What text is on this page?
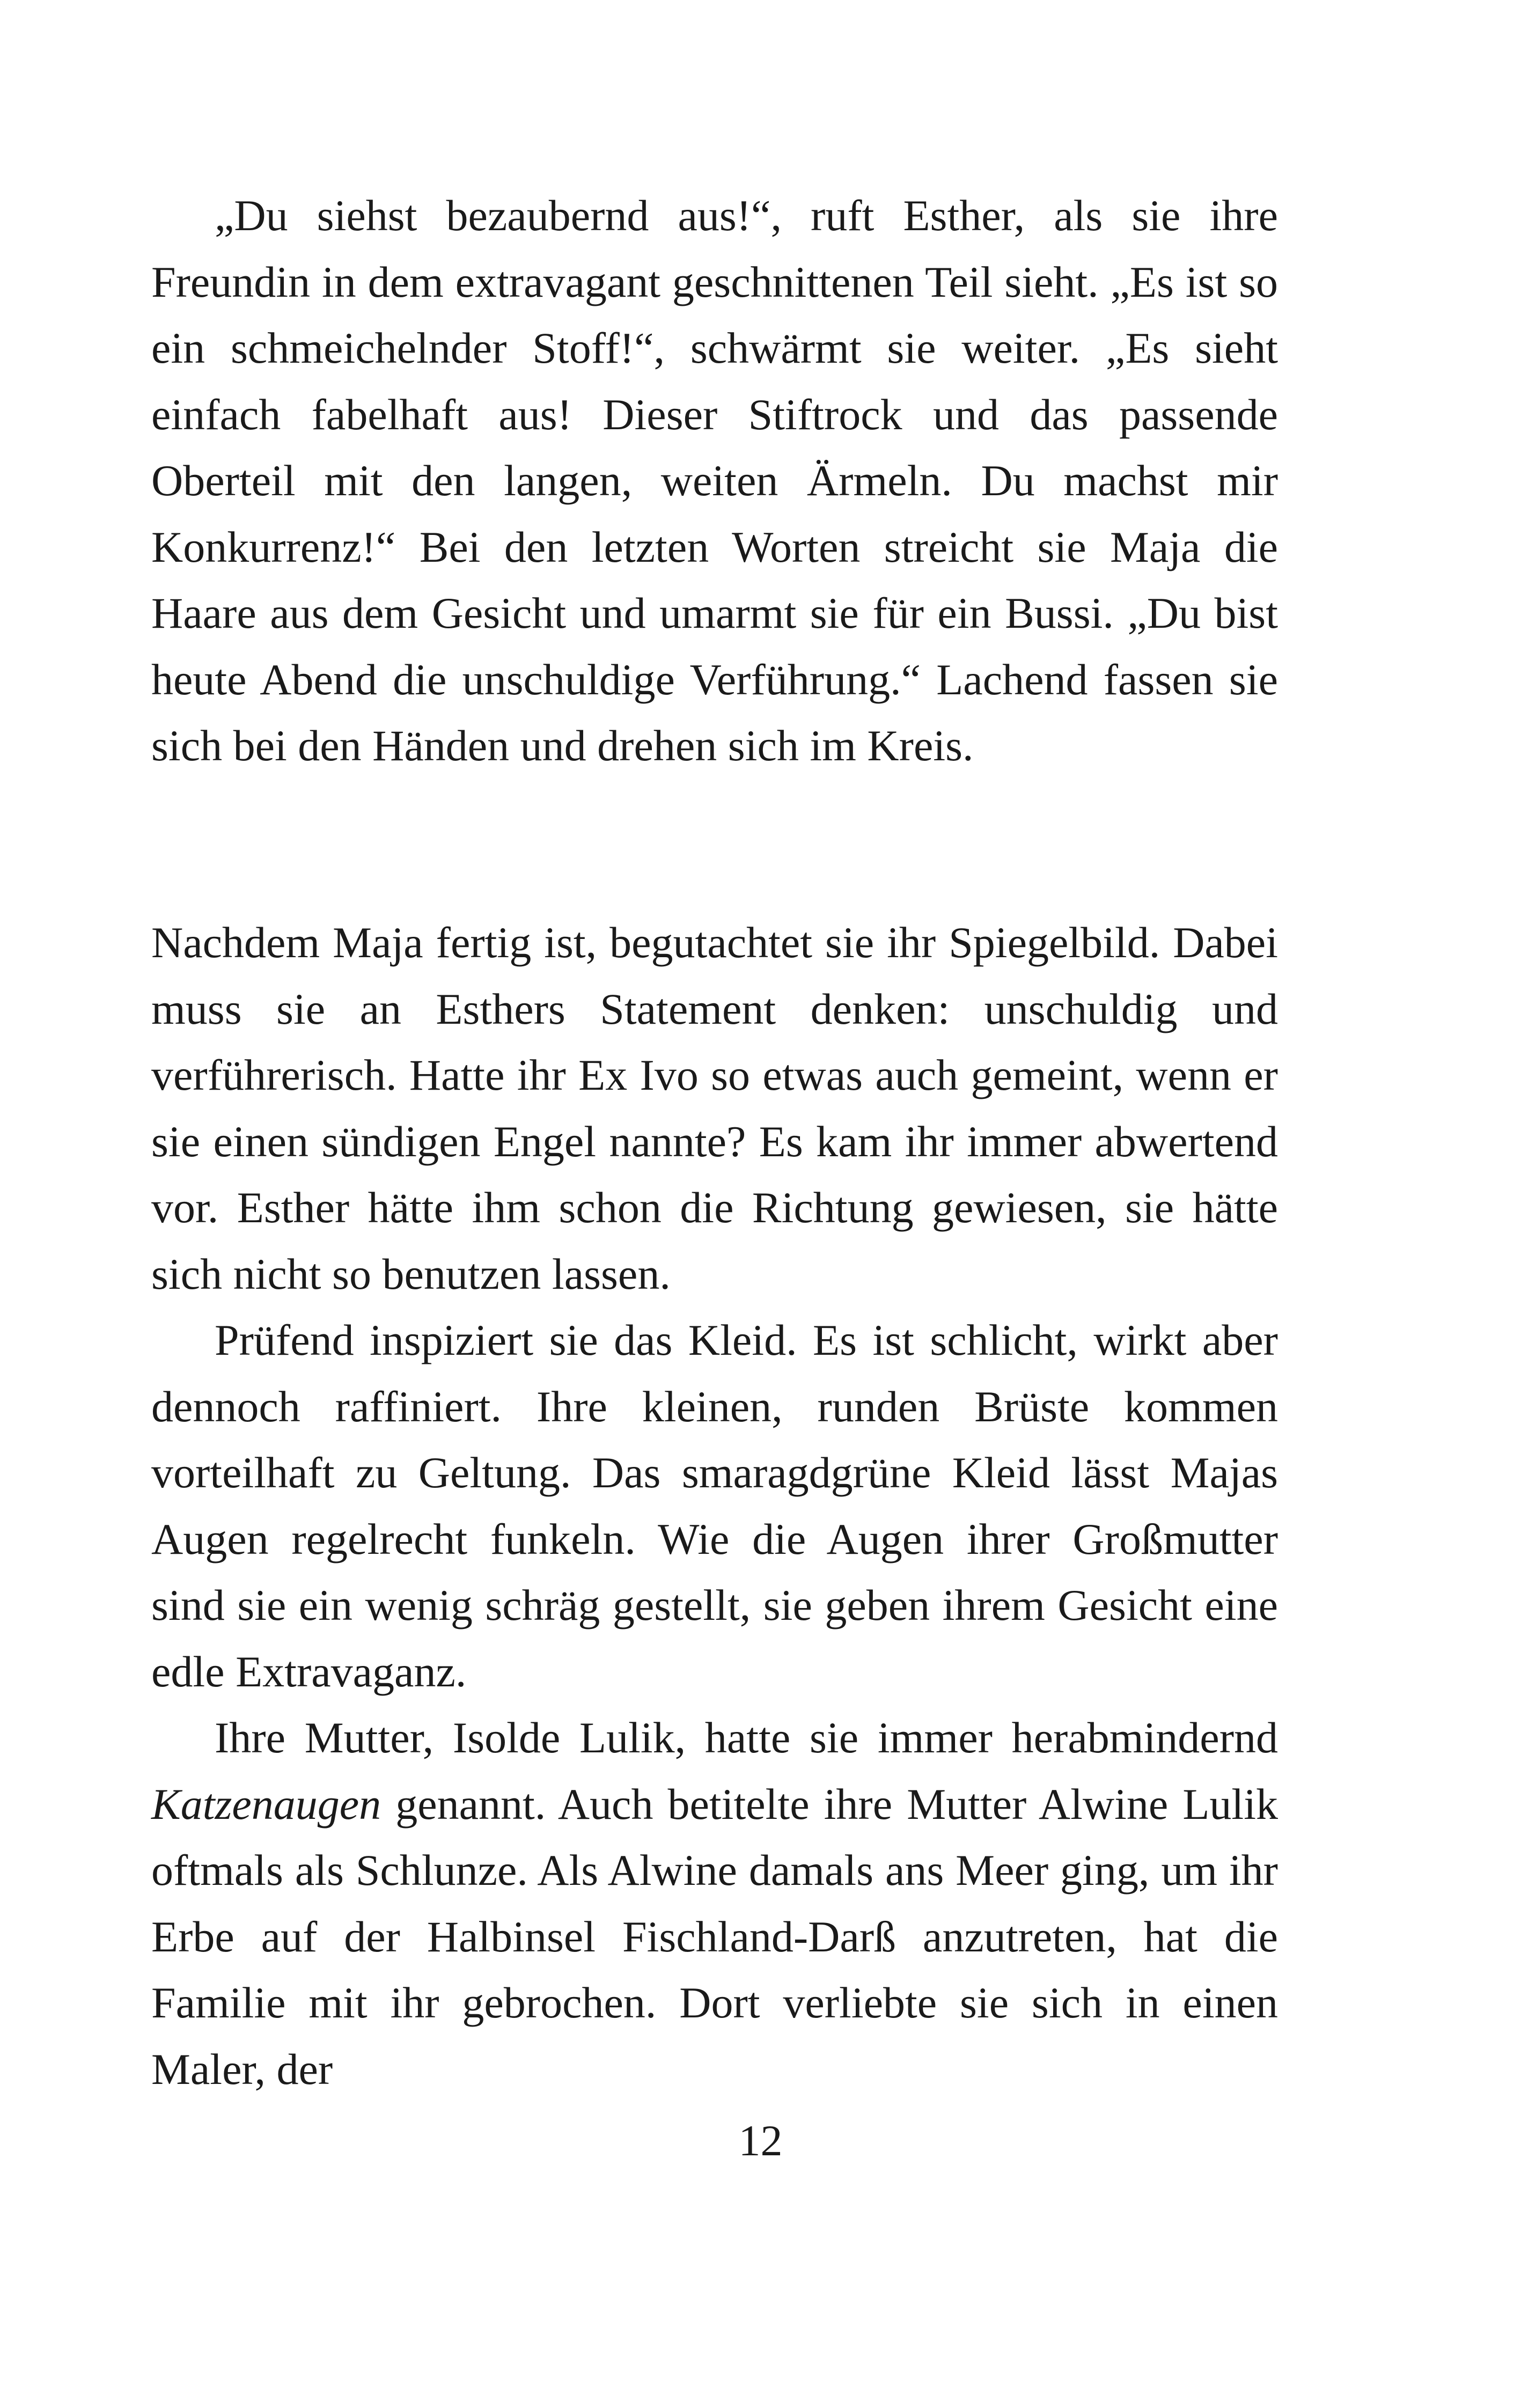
„Du siehst bezaubernd aus!“, ruft Esther, als sie ihre Freundin in dem extravagant geschnittenen Teil sieht. „Es ist so ein schmeichelnder Stoff!“, schwärmt sie weiter. „Es sieht einfach fabelhaft aus! Dieser Stiftrock und das passende Oberteil mit den langen, weiten Ärmeln. Du machst mir Konkurrenz!“ Bei den letzten Worten streicht sie Maja die Haare aus dem Gesicht und umarmt sie für ein Bussi. „Du bist heute Abend die unschuldige Verführung.“ Lachend fassen sie sich bei den Händen und drehen sich im Kreis.

Nachdem Maja fertig ist, begutachtet sie ihr Spiegelbild. Dabei muss sie an Esthers Statement denken: unschuldig und verführerisch. Hatte ihr Ex Ivo so etwas auch gemeint, wenn er sie einen sündigen Engel nannte? Es kam ihr immer abwertend vor. Esther hätte ihm schon die Richtung gewiesen, sie hätte sich nicht so benutzen lassen.

Prüfend inspiziert sie das Kleid. Es ist schlicht, wirkt aber dennoch raffiniert. Ihre kleinen, runden Brüste kommen vorteilhaft zu Geltung. Das smaragdgrüne Kleid lässt Majas Augen regelrecht funkeln. Wie die Augen ihrer Großmutter sind sie ein wenig schräg gestellt, sie geben ihrem Gesicht eine edle Extravaganz.

Ihre Mutter, Isolde Lulik, hatte sie immer herabmindernd Katzenaugen genannt. Auch betitelte ihre Mutter Alwine Lulik oftmals als Schlunze. Als Alwine damals ans Meer ging, um ihr Erbe auf der Halbinsel Fischland-Darß anzutreten, hat die Familie mit ihr gebrochen. Dort verliebte sie sich in einen Maler, der

12
